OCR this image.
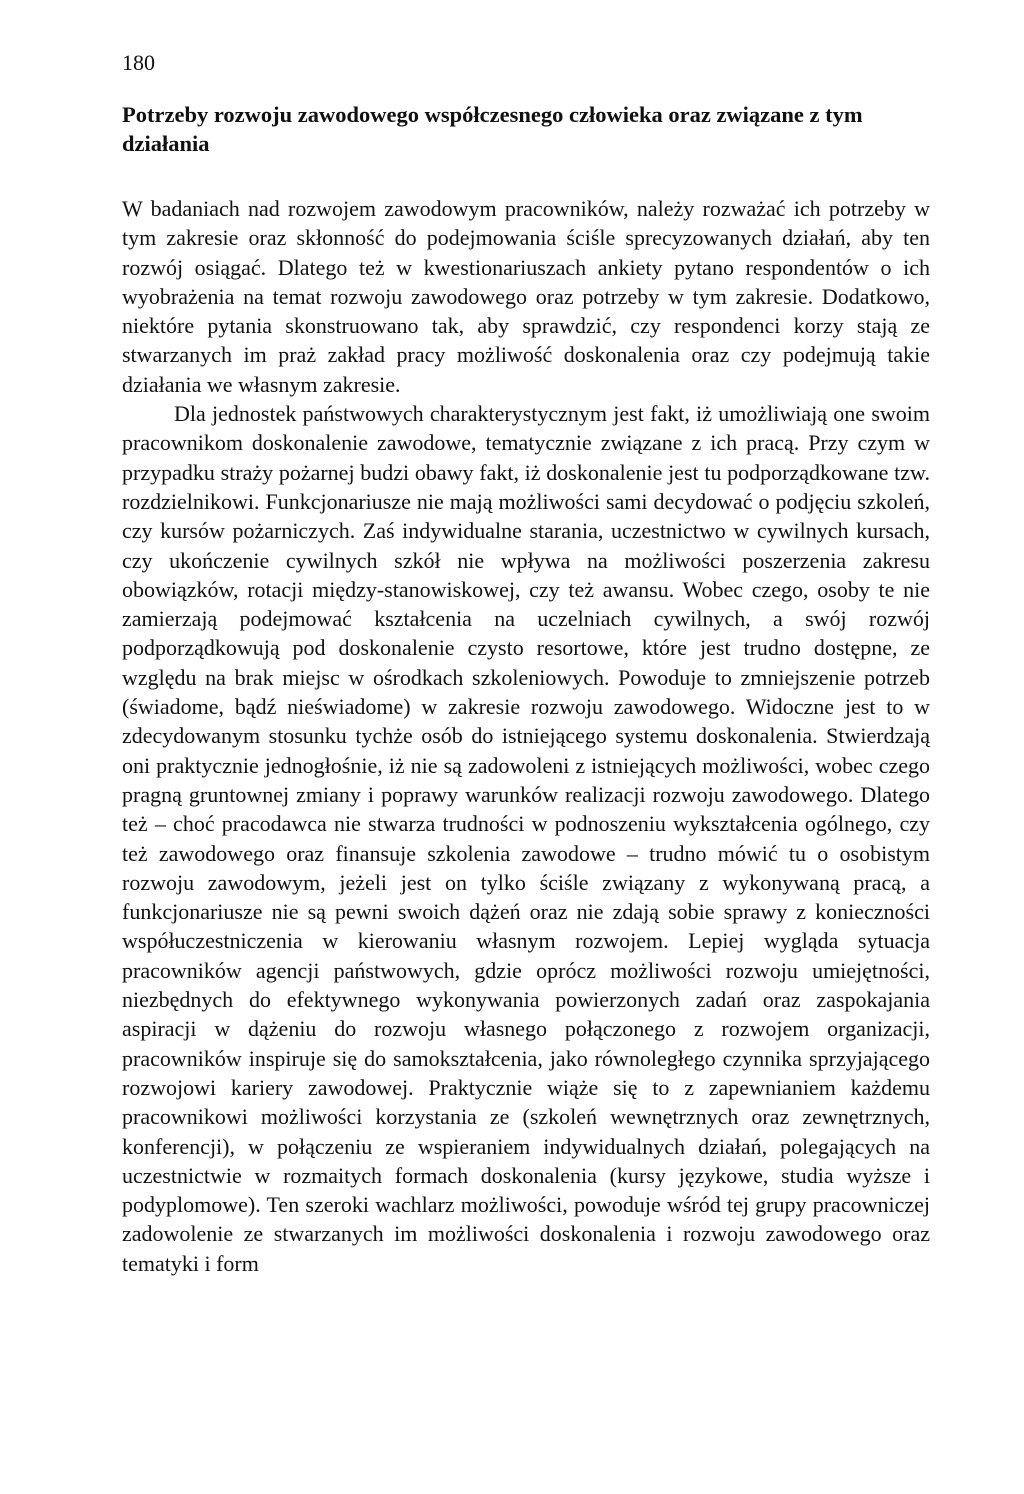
180
Potrzeby rozwoju zawodowego współczesnego człowieka oraz związane z tym działania

W badaniach nad rozwojem zawodowym pracowników, należy rozważać ich potrzeby w tym zakresie oraz skłonność do podejmowania ściśle sprecyzowanych działań, aby ten rozwój osiągać. Dlatego też w kwestionariuszach ankiety pytano respondentów o ich wyobrażenia na temat rozwoju zawodowego oraz potrzeby w tym zakresie. Dodatkowo, niektóre pytania skonstruowano tak, aby sprawdzić, czy respondenci korzy stają ze stwarzanych im praż zakład pracy możliwość doskonalenia oraz czy podejmują takie działania we własnym zakresie.

Dla jednostek państwowych charakterystycznym jest fakt, iż umożliwiają one swoim pracownikom doskonalenie zawodowe, tematycznie związane z ich pracą. Przy czym w przypadku straży pożarnej budzi obawy fakt, iż doskonalenie jest tu podporządkowane tzw. rozdzielnikowi. Funkcjonariusze nie mają możliwości sami decydować o podjęciu szkoleń, czy kursów pożarniczych. Zaś indywidualne starania, uczestnictwo w cywilnych kursach, czy ukończenie cywilnych szkół nie wpływa na możliwości poszerzenia zakresu obowiązków, rotacji między-stanowiskowej, czy też awansu. Wobec czego, osoby te nie zamierzają podejmować kształcenia na uczelniach cywilnych, a swój rozwój podporządkowują pod doskonalenie czysto resortowe, które jest trudno dostępne, ze względu na brak miejsc w ośrodkach szkoleniowych. Powoduje to zmniejszenie potrzeb (świadome, bądź nieświadome) w zakresie rozwoju zawodowego. Widoczne jest to w zdecydowanym stosunku tychże osób do istniejącego systemu doskonalenia. Stwierdzają oni praktycznie jednogłośnie, iż nie są zadowoleni z istniejących możliwości, wobec czego pragną gruntownej zmiany i poprawy warunków realizacji rozwoju zawodowego. Dlatego też – choć pracodawca nie stwarza trudności w podnoszeniu wykształcenia ogólnego, czy też zawodowego oraz finansuje szkolenia zawodowe – trudno mówić tu o osobistym rozwoju zawodowym, jeżeli jest on tylko ściśle związany z wykonywaną pracą, a funkcjonariusze nie są pewni swoich dążeń oraz nie zdają sobie sprawy z konieczności współuczestniczenia w kierowaniu własnym rozwojem. Lepiej wygląda sytuacja pracowników agencji państwowych, gdzie oprócz możliwości rozwoju umiejętności, niezbędnych do efektywnego wykonywania powierzonych zadań oraz zaspokajania aspiracji w dążeniu do rozwoju własnego połączonego z rozwojem organizacji, pracowników inspiruje się do samokształcenia, jako równoległego czynnika sprzyjającego rozwojowi kariery zawodowej. Praktycznie wiąże się to z zapewnianiem każdemu pracownikowi możliwości korzystania ze (szkoleń wewnętrznych oraz zewnętrznych, konferencji), w połączeniu ze wspieraniem indywidualnych działań, polegających na uczestnictwie w rozmaitych formach doskonalenia (kursy językowe, studia wyższe i podyplomowe). Ten szeroki wachlarz możliwości, powoduje wśród tej grupy pracowniczej zadowolenie ze stwarzanych im możliwości doskonalenia i rozwoju zawodowego oraz tematyki i form
